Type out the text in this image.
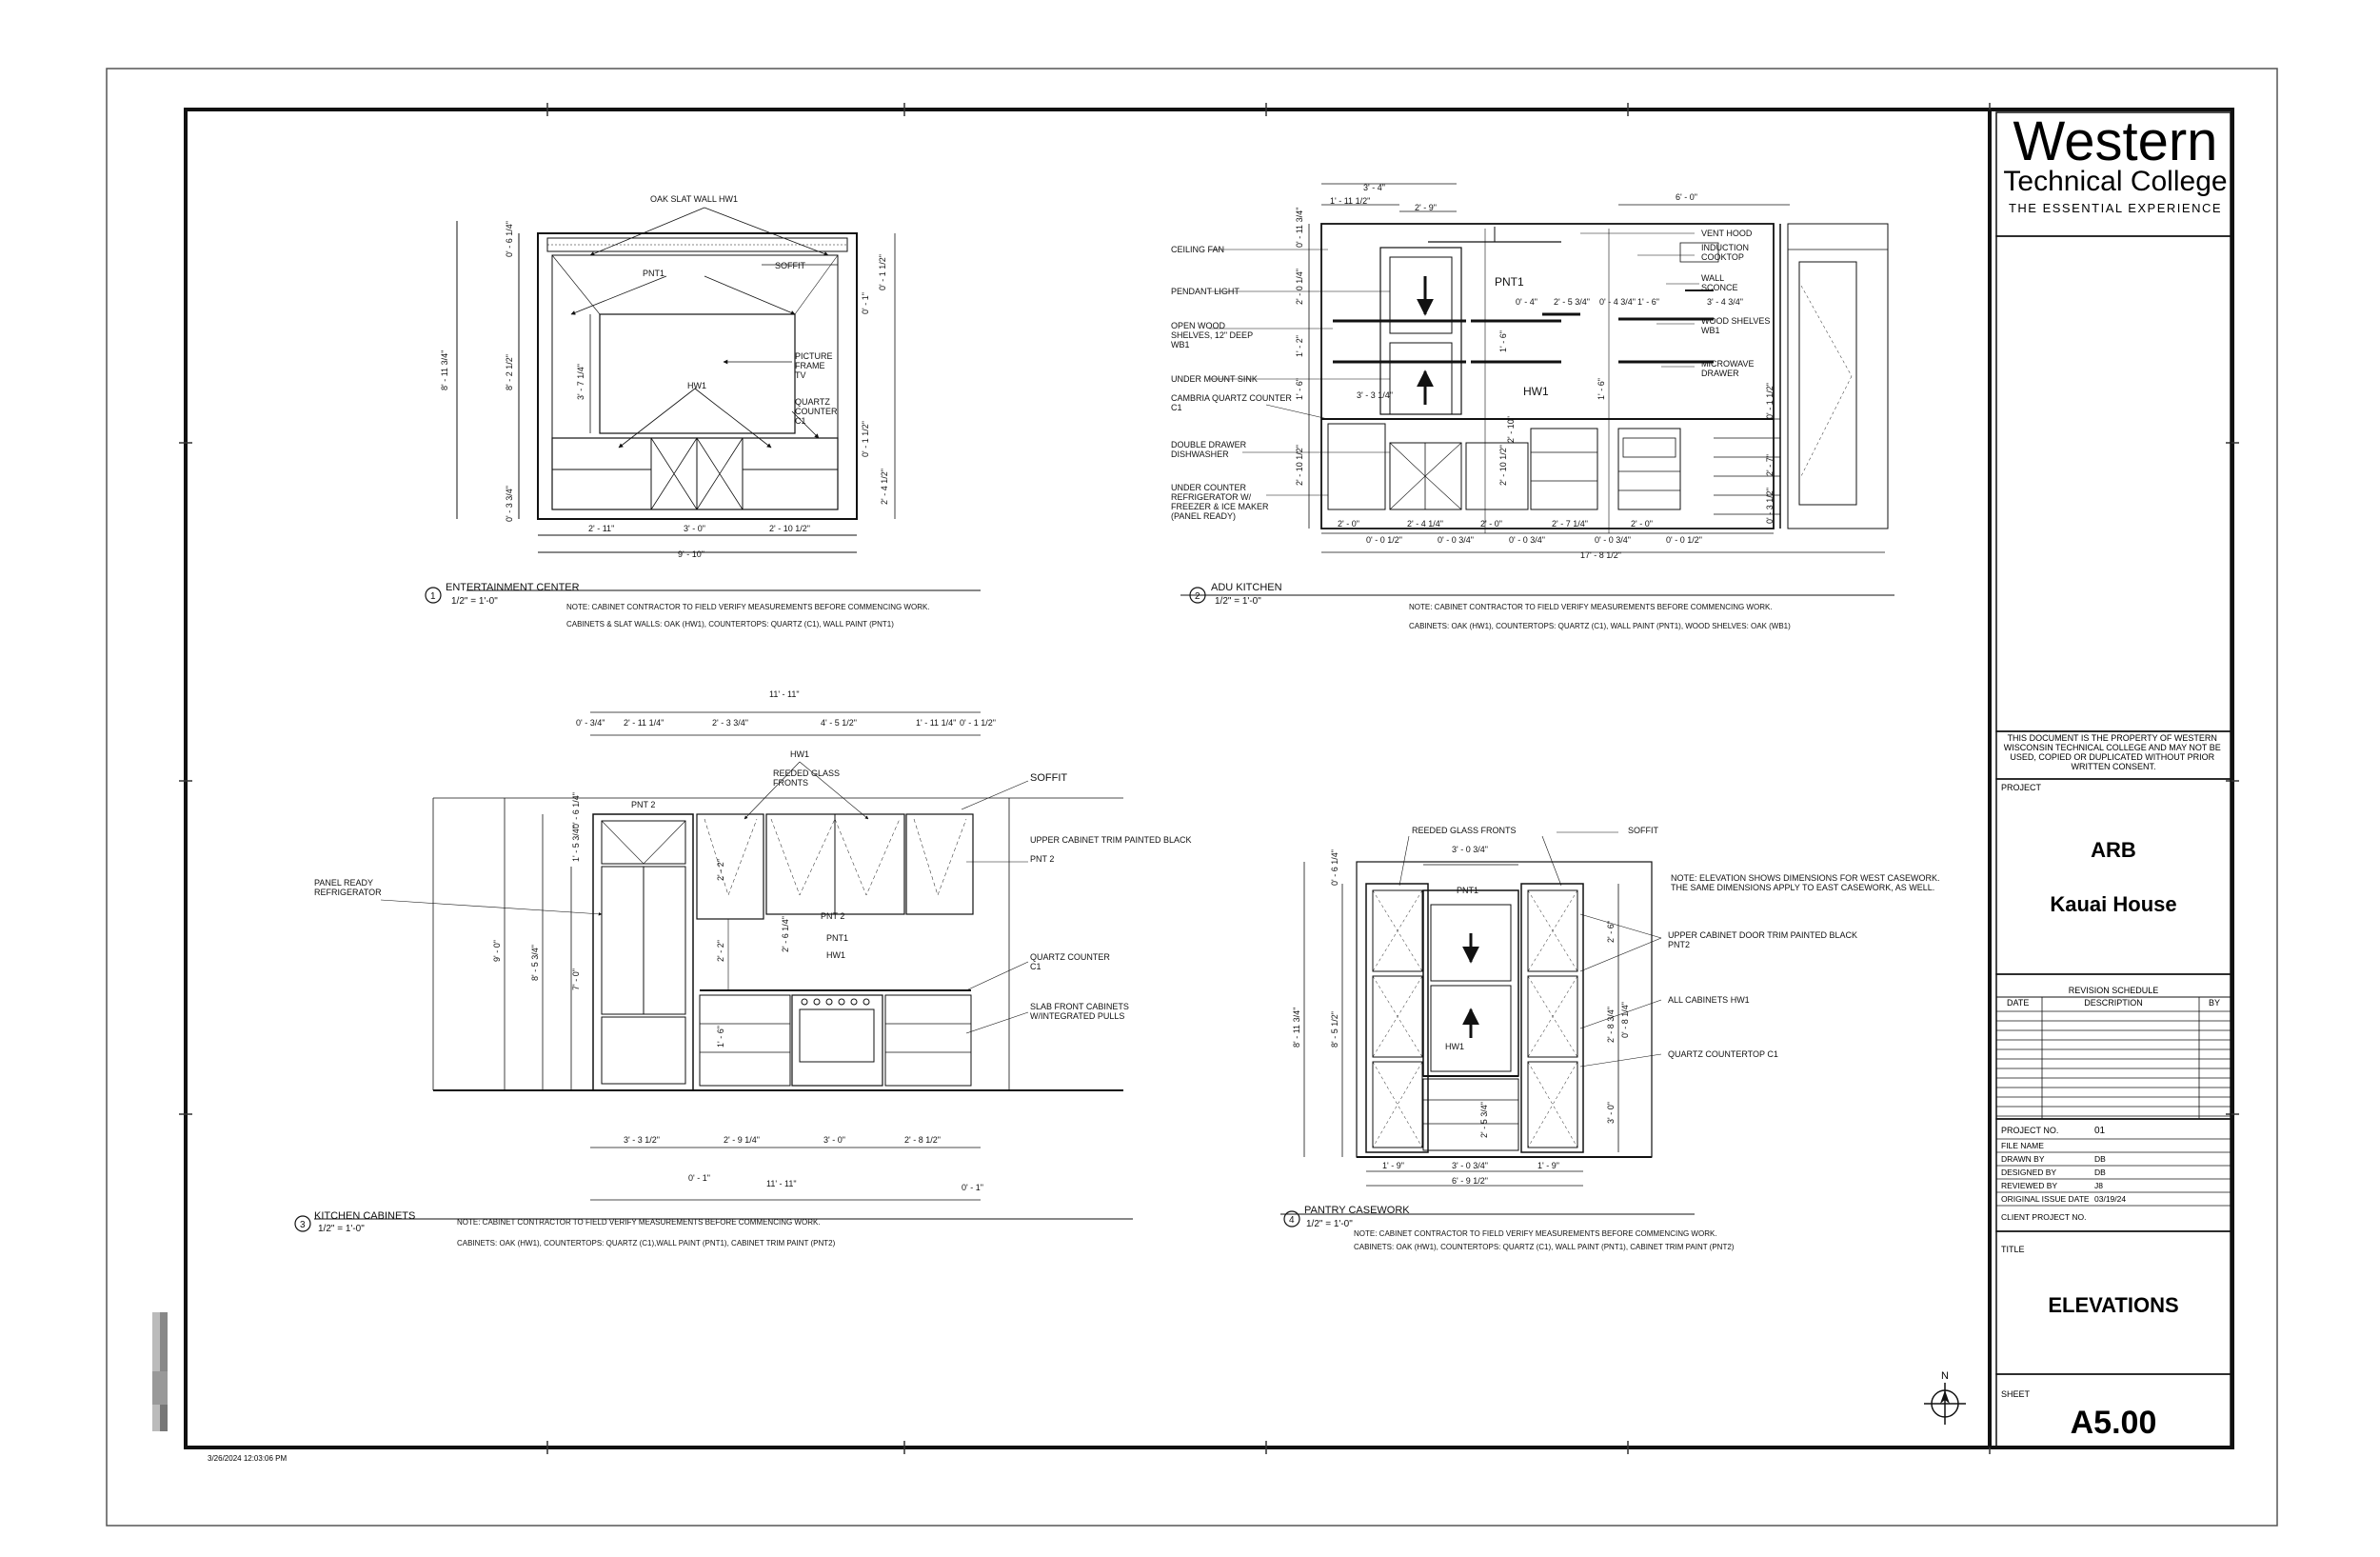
Western
Technical College
THE ESSENTIAL EXPERIENCE
THIS DOCUMENT IS THE PROPERTY OF WESTERN WISCONSIN TECHNICAL COLLEGE AND MAY NOT BE USED, COPIED OR DUPLICATED WITHOUT PRIOR WRITTEN CONSENT.
PROJECT
ARB
Kauai House
REVISION SCHEDULE
DATE	DESCRIPTION	BY
PROJECT NO.	01
FILE NAME
DRAWN BY	DB
DESIGNED BY	DB
REVIEWED BY	J8
ORIGINAL ISSUE DATE 03/19/24
CLIENT PROJECT NO.
TITLE
ELEVATIONS
SHEET
A5.00
N
3/26/2024 12:03:06 PM
OAK SLAT WALL HW1
SOFFIT
PNT1
PICTURE FRAME TV
HW1
QUARTZ COUNTER C1
8' - 11 3/4"
0' - 6 1/4"
8' - 2 1/2"
0' - 3 3/4"
3' - 7 1/4"
0' - 1"
0' - 1 1/2"
2' - 4 1/2"
0' - 1 1/2"
2' - 11"	3' - 0"	2' - 10 1/2"
9' - 10"
1
ENTERTAINMENT CENTER
1/2" = 1'-0"
NOTE: CABINET CONTRACTOR TO FIELD VERIFY MEASUREMENTS BEFORE COMMENCING WORK.
CABINETS & SLAT WALLS: OAK (HW1), COUNTERTOPS: QUARTZ (C1), WALL PAINT (PNT1)
CEILING FAN
PENDANT LIGHT
OPEN WOOD SHELVES, 12" DEEP WB1
UNDER MOUNT SINK
CAMBRIA QUARTZ COUNTER C1
DOUBLE DRAWER DISHWASHER
UNDER COUNTER REFRIGERATOR W/ FREEZER & ICE MAKER (PANEL READY)
VENT HOOD
INDUCTION COOKTOP
WALL SCONCE
WOOD SHELVES WB1
MICROWAVE DRAWER
PNT1
HW1
3' - 4"
1' - 11 1/2"
2' - 9"
6' - 0"
3' - 3 1/4"
2' - 5 3/4"
0' - 4"	0' - 4 3/4" 1' - 6"	3' - 4 3/4"
2' - 0"	2' - 4 1/4"	2' - 0"	2' - 7 1/4"	2' - 0"
0' - 0 1/2"	0' - 0 3/4"	0' - 0 3/4"	0' - 0 3/4"	0' - 0 1/2"
17' - 8 1/2"
0' - 11 3/4"
2' - 0 1/4"
1' - 2"
1' - 6"
2' - 10 1/2"
1' - 6"
2' - 10 1/2"
1' - 6"
2' - 10"
0' - 1 1/2"
2' - 7"
0' - 3 1/2"
2
ADU KITCHEN
1/2" = 1'-0"
NOTE: CABINET CONTRACTOR TO FIELD VERIFY MEASUREMENTS BEFORE COMMENCING WORK.
CABINETS: OAK (HW1), COUNTERTOPS: QUARTZ (C1), WALL PAINT (PNT1), WOOD SHELVES: OAK (WB1)
HW1
REEDED GLASS FRONTS	SOFFIT
PNT 2
UPPER CABINET TRIM PAINTED BLACK
PNT 2
PANEL READY REFRIGERATOR
PNT 2
PNT1
HW1	QUARTZ COUNTER C1
SLAB FRONT CABINETS W/INTEGRATED PULLS
11' - 11"
0' - 3/4" 2' - 11 1/4"	2' - 3 3/4"	4' - 5 1/2"	1' - 11 1/4" 0' - 1 1/2"
9' - 0"	8' - 5 3/4"	7' - 0"
1' - 5 3/4"
0' - 6 1/4"
2' - 6 1/4"
2' - 2"
2' - 2"
1' - 6"
3' - 3 1/2"	2' - 9 1/4"	3' - 0"	2' - 8 1/2"
0' - 1"
0' - 1"
11' - 11"
3
KITCHEN CABINETS
1/2" = 1'-0"
NOTE: CABINET CONTRACTOR TO FIELD VERIFY MEASUREMENTS BEFORE COMMENCING WORK.
CABINETS: OAK (HW1), COUNTERTOPS: QUARTZ (C1),WALL PAINT (PNT1), CABINET TRIM PAINT (PNT2)
REEDED GLASS FRONTS	SOFFIT
PNT1
NOTE: ELEVATION SHOWS DIMENSIONS FOR WEST CASEWORK. THE SAME DIMENSIONS APPLY TO EAST CASEWORK, AS WELL.
UPPER CABINET DOOR TRIM PAINTED BLACK PNT2
ALL CABINETS HW1
QUARTZ COUNTERTOP C1
HW1
3' - 0 3/4"
8' - 11 3/4"	8' - 5 1/2"
0' - 6 1/4"
2' - 6"
2' - 8 3/4" 0' - 8 1/4"
3' - 0"
2' - 5 3/4"
1' - 9"	3' - 0 3/4"	1' - 9"
6' - 9 1/2"
4
PANTRY CASEWORK
1/2" = 1'-0"
NOTE: CABINET CONTRACTOR TO FIELD VERIFY MEASUREMENTS BEFORE COMMENCING WORK.
CABINETS: OAK (HW1), COUNTERTOPS: QUARTZ (C1), WALL PAINT (PNT1), CABINET TRIM PAINT (PNT2)
